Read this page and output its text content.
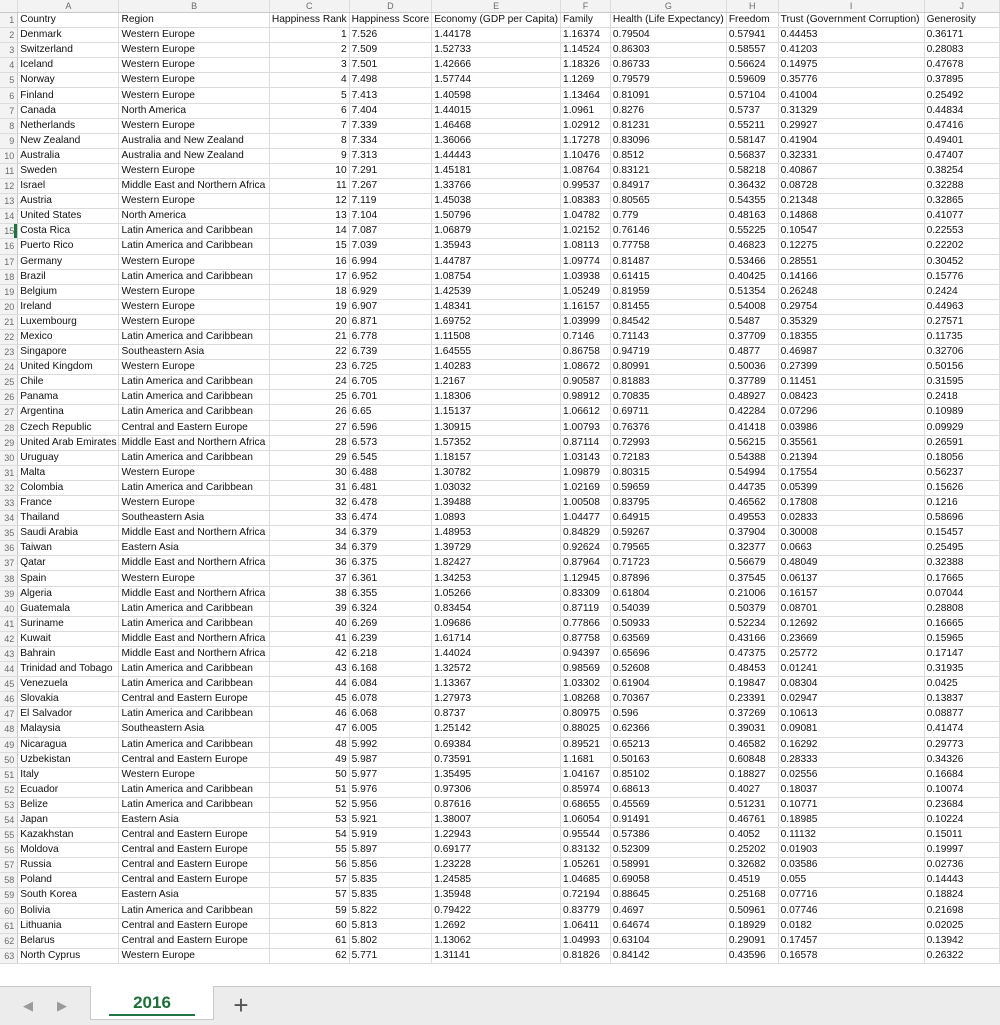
	A	B	C	D	E	F	G	H	I	J
1	Country	Region	Happiness Rank	Happiness Score	Economy (GDP per Capita)	Family	Health (Life Expectancy)	Freedom	Trust (Government Corruption)	Generosity
2	Denmark	Western Europe	1	7.526	1.44178	1.16374	0.79504	0.57941	0.44453	0.36171
3	Switzerland	Western Europe	2	7.509	1.52733	1.14524	0.86303	0.58557	0.41203	0.28083
4	Iceland	Western Europe	3	7.501	1.42666	1.18326	0.86733	0.56624	0.14975	0.47678
5	Norway	Western Europe	4	7.498	1.57744	1.1269	0.79579	0.59609	0.35776	0.37895
6	Finland	Western Europe	5	7.413	1.40598	1.13464	0.81091	0.57104	0.41004	0.25492
7	Canada	North America	6	7.404	1.44015	1.0961	0.8276	0.5737	0.31329	0.44834
8	Netherlands	Western Europe	7	7.339	1.46468	1.02912	0.81231	0.55211	0.29927	0.47416
9	New Zealand	Australia and New Zealand	8	7.334	1.36066	1.17278	0.83096	0.58147	0.41904	0.49401
10	Australia	Australia and New Zealand	9	7.313	1.44443	1.10476	0.8512	0.56837	0.32331	0.47407
11	Sweden	Western Europe	10	7.291	1.45181	1.08764	0.83121	0.58218	0.40867	0.38254
12	Israel	Middle East and Northern Africa	11	7.267	1.33766	0.99537	0.84917	0.36432	0.08728	0.32288
13	Austria	Western Europe	12	7.119	1.45038	1.08383	0.80565	0.54355	0.21348	0.32865
14	United States	North America	13	7.104	1.50796	1.04782	0.779	0.48163	0.14868	0.41077
15	Costa Rica	Latin America and Caribbean	14	7.087	1.06879	1.02152	0.76146	0.55225	0.10547	0.22553
16	Puerto Rico	Latin America and Caribbean	15	7.039	1.35943	1.08113	0.77758	0.46823	0.12275	0.22202
17	Germany	Western Europe	16	6.994	1.44787	1.09774	0.81487	0.53466	0.28551	0.30452
18	Brazil	Latin America and Caribbean	17	6.952	1.08754	1.03938	0.61415	0.40425	0.14166	0.15776
19	Belgium	Western Europe	18	6.929	1.42539	1.05249	0.81959	0.51354	0.26248	0.2424
20	Ireland	Western Europe	19	6.907	1.48341	1.16157	0.81455	0.54008	0.29754	0.44963
21	Luxembourg	Western Europe	20	6.871	1.69752	1.03999	0.84542	0.5487	0.35329	0.27571
22	Mexico	Latin America and Caribbean	21	6.778	1.11508	0.7146	0.71143	0.37709	0.18355	0.11735
23	Singapore	Southeastern Asia	22	6.739	1.64555	0.86758	0.94719	0.4877	0.46987	0.32706
24	United Kingdom	Western Europe	23	6.725	1.40283	1.08672	0.80991	0.50036	0.27399	0.50156
25	Chile	Latin America and Caribbean	24	6.705	1.2167	0.90587	0.81883	0.37789	0.11451	0.31595
26	Panama	Latin America and Caribbean	25	6.701	1.18306	0.98912	0.70835	0.48927	0.08423	0.2418
27	Argentina	Latin America and Caribbean	26	6.65	1.15137	1.06612	0.69711	0.42284	0.07296	0.10989
28	Czech Republic	Central and Eastern Europe	27	6.596	1.30915	1.00793	0.76376	0.41418	0.03986	0.09929
29	United Arab Emirates	Middle East and Northern Africa	28	6.573	1.57352	0.87114	0.72993	0.56215	0.35561	0.26591
30	Uruguay	Latin America and Caribbean	29	6.545	1.18157	1.03143	0.72183	0.54388	0.21394	0.18056
31	Malta	Western Europe	30	6.488	1.30782	1.09879	0.80315	0.54994	0.17554	0.56237
32	Colombia	Latin America and Caribbean	31	6.481	1.03032	1.02169	0.59659	0.44735	0.05399	0.15626
33	France	Western Europe	32	6.478	1.39488	1.00508	0.83795	0.46562	0.17808	0.1216
34	Thailand	Southeastern Asia	33	6.474	1.0893	1.04477	0.64915	0.49553	0.02833	0.58696
35	Saudi Arabia	Middle East and Northern Africa	34	6.379	1.48953	0.84829	0.59267	0.37904	0.30008	0.15457
36	Taiwan	Eastern Asia	34	6.379	1.39729	0.92624	0.79565	0.32377	0.0663	0.25495
37	Qatar	Middle East and Northern Africa	36	6.375	1.82427	0.87964	0.71723	0.56679	0.48049	0.32388
38	Spain	Western Europe	37	6.361	1.34253	1.12945	0.87896	0.37545	0.06137	0.17665
39	Algeria	Middle East and Northern Africa	38	6.355	1.05266	0.83309	0.61804	0.21006	0.16157	0.07044
40	Guatemala	Latin America and Caribbean	39	6.324	0.83454	0.87119	0.54039	0.50379	0.08701	0.28808
41	Suriname	Latin America and Caribbean	40	6.269	1.09686	0.77866	0.50933	0.52234	0.12692	0.16665
42	Kuwait	Middle East and Northern Africa	41	6.239	1.61714	0.87758	0.63569	0.43166	0.23669	0.15965
43	Bahrain	Middle East and Northern Africa	42	6.218	1.44024	0.94397	0.65696	0.47375	0.25772	0.17147
44	Trinidad and Tobago	Latin America and Caribbean	43	6.168	1.32572	0.98569	0.52608	0.48453	0.01241	0.31935
45	Venezuela	Latin America and Caribbean	44	6.084	1.13367	1.03302	0.61904	0.19847	0.08304	0.0425
46	Slovakia	Central and Eastern Europe	45	6.078	1.27973	1.08268	0.70367	0.23391	0.02947	0.13837
47	El Salvador	Latin America and Caribbean	46	6.068	0.8737	0.80975	0.596	0.37269	0.10613	0.08877
48	Malaysia	Southeastern Asia	47	6.005	1.25142	0.88025	0.62366	0.39031	0.09081	0.41474
49	Nicaragua	Latin America and Caribbean	48	5.992	0.69384	0.89521	0.65213	0.46582	0.16292	0.29773
50	Uzbekistan	Central and Eastern Europe	49	5.987	0.73591	1.1681	0.50163	0.60848	0.28333	0.34326
51	Italy	Western Europe	50	5.977	1.35495	1.04167	0.85102	0.18827	0.02556	0.16684
52	Ecuador	Latin America and Caribbean	51	5.976	0.97306	0.85974	0.68613	0.4027	0.18037	0.10074
53	Belize	Latin America and Caribbean	52	5.956	0.87616	0.68655	0.45569	0.51231	0.10771	0.23684
54	Japan	Eastern Asia	53	5.921	1.38007	1.06054	0.91491	0.46761	0.18985	0.10224
55	Kazakhstan	Central and Eastern Europe	54	5.919	1.22943	0.95544	0.57386	0.4052	0.11132	0.15011
56	Moldova	Central and Eastern Europe	55	5.897	0.69177	0.83132	0.52309	0.25202	0.01903	0.19997
57	Russia	Central and Eastern Europe	56	5.856	1.23228	1.05261	0.58991	0.32682	0.03586	0.02736
58	Poland	Central and Eastern Europe	57	5.835	1.24585	1.04685	0.69058	0.4519	0.055	0.14443
59	South Korea	Eastern Asia	57	5.835	1.35948	0.72194	0.88645	0.25168	0.07716	0.18824
60	Bolivia	Latin America and Caribbean	59	5.822	0.79422	0.83779	0.4697	0.50961	0.07746	0.21698
61	Lithuania	Central and Eastern Europe	60	5.813	1.2692	1.06411	0.64674	0.18929	0.0182	0.02025
62	Belarus	Central and Eastern Europe	61	5.802	1.13062	1.04993	0.63104	0.29091	0.17457	0.13942
63	North Cyprus	Western Europe	62	5.771	1.31141	0.81826	0.84142	0.43596	0.16578	0.26322
◀ ▶	2016 +
